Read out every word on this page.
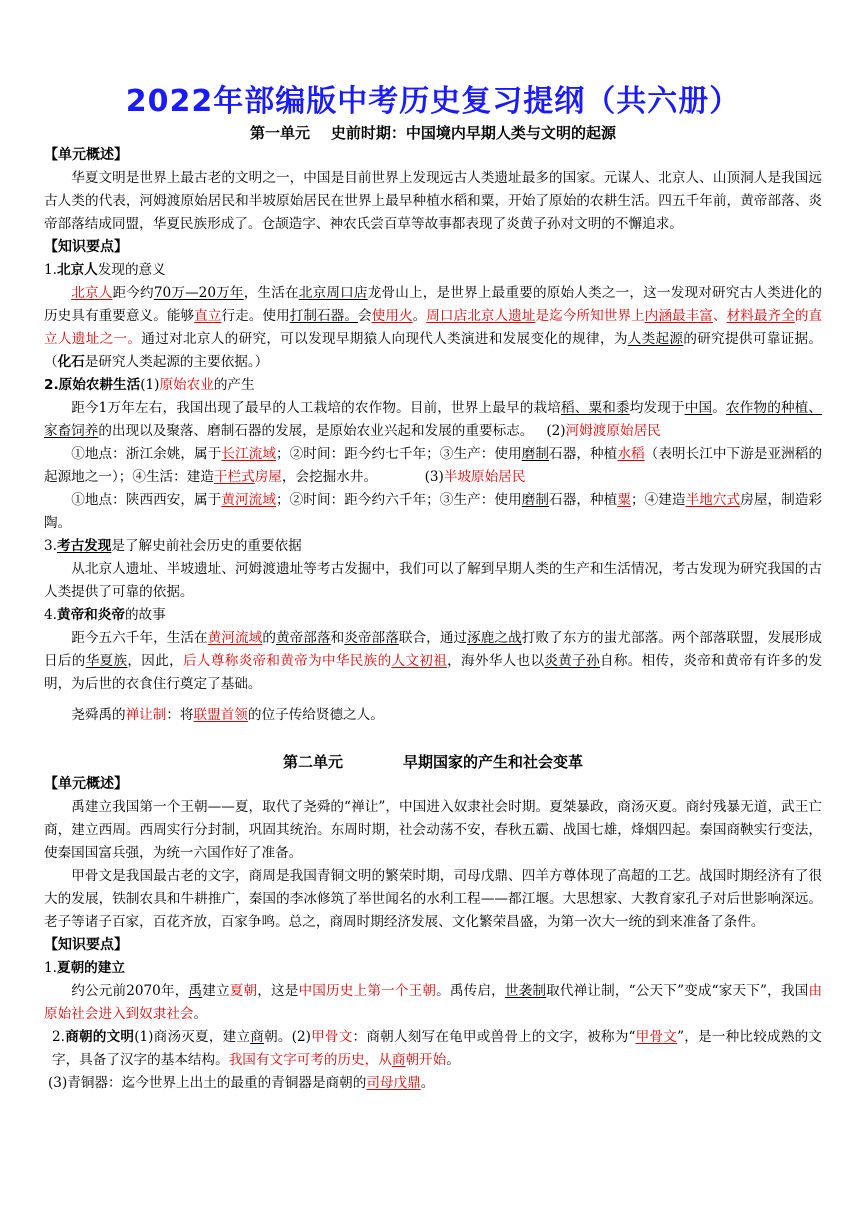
2022年部编版中考历史复习提纲（共六册）
第一单元    史前时期：中国境内早期人类与文明的起源
【单元概述】

华夏文明是世界上最古老的文明之一，中国是目前世界上发现远古人类遗址最多的国家。元谋人、北京人、山顶洞人是我国远古人类的代表，河姆渡原始居民和半坡原始居民在世界上最早种植水稻和粟，开始了原始的农耕生活。四五千年前，黄帝部落、炎帝部落结成同盟，华夏民族形成了。仓颉造字、神农氏尝百草等故事都表现了炎黄子孙对文明的不懈追求。

【知识要点】
1.北京人发现的意义

北京人距今约70万—20万年，生活在北京周口店龙骨山上，是世界上最重要的原始人类之一，这一发现对研究古人类进化的历史具有重要意义。能够直立行走。使用打制石器。会使用火。周口店北京人遗址是迄今所知世界上内涵最丰富、材料最齐全的直立人遗址之一。通过对北京人的研究，可以发现早期猿人向现代人类演进和发展变化的规律，为人类起源的研究提供可靠证据。（化石是研究人类起源的主要依据。）

2.原始农耕生活(1)原始农业的产生

距今1万年左右，我国出现了最早的人工栽培的农作物。目前，世界上最早的栽培稻、粟和黍均发现于中国。农作物的种植、家畜饲养的出现以及聚落、磨制石器的发展，是原始农业兴起和发展的重要标志。 (2)河姆渡原始居民

①地点：浙江余姚，属于长江流域；②时间：距今约七千年；③生产：使用磨制石器，种植水稻（表明长江中下游是亚洲稻的起源地之一）；④生活：建造干栏式房屋，会挖掘水井。	(3)半坡原始居民

①地点：陕西西安，属于黄河流域；②时间：距今约六千年；③生产：使用磨制石器，种植粟；④建造半地穴式房屋，制造彩陶。

3.考古发现是了解史前社会历史的重要依据

从北京人遗址、半坡遗址、河姆渡遗址等考古发掘中，我们可以了解到早期人类的生产和生活情况，考古发现为研究我国的古人类提供了可靠的依据。

4.黄帝和炎帝的故事

距今五六千年，生活在黄河流域的黄帝部落和炎帝部落联合，通过涿鹿之战打败了东方的蚩尤部落。两个部落联盟，发展形成日后的华夏族，因此，后人尊称炎帝和黄帝为中华民族的人文初祖，海外华人也以炎黄子孙自称。相传，炎帝和黄帝有许多的发明，为后世的衣食住行奠定了基础。

尧舜禹的禅让制：将联盟首领的位子传给贤德之人。

第二单元	早期国家的产生和社会变革
【单元概述】

禹建立我国第一个王朝——夏，取代了尧舜的“禅让”，中国进入奴隶社会时期。夏桀暴政，商汤灭夏。商纣残暴无道，武王亡商，建立西周。西周实行分封制，巩固其统治。东周时期，社会动荡不安，春秋五霸、战国七雄，烽烟四起。秦国商鞅实行变法，使秦国国富兵强，为统一六国作好了准备。

甲骨文是我国最古老的文字，商周是我国青铜文明的繁荣时期，司母戊鼎、四羊方尊体现了高超的工艺。战国时期经济有了很大的发展，铁制农具和牛耕推广，秦国的李冰修筑了举世闻名的水利工程——都江堰。大思想家、大教育家孔子对后世影响深远。老子等诸子百家，百花齐放，百家争鸣。总之，商周时期经济发展、文化繁荣昌盛，为第一次大一统的到来准备了条件。

【知识要点】
1.夏朝的建立

约公元前2070年，禹建立夏朝，这是中国历史上第一个王朝。禹传启，世袭制取代禅让制，“公天下”变成“家天下”，我国由原始社会进入到奴隶社会。

2.商朝的文明(1)商汤灭夏，建立商朝。(2)甲骨文：商朝人刻写在龟甲或兽骨上的文字，被称为“甲骨文”，是一种比较成熟的文字，具备了汉字的基本结构。我国有文字可考的历史，从商朝开始。

(3)青铜器：迄今世界上出土的最重的青铜器是商朝的司母戊鼎。
